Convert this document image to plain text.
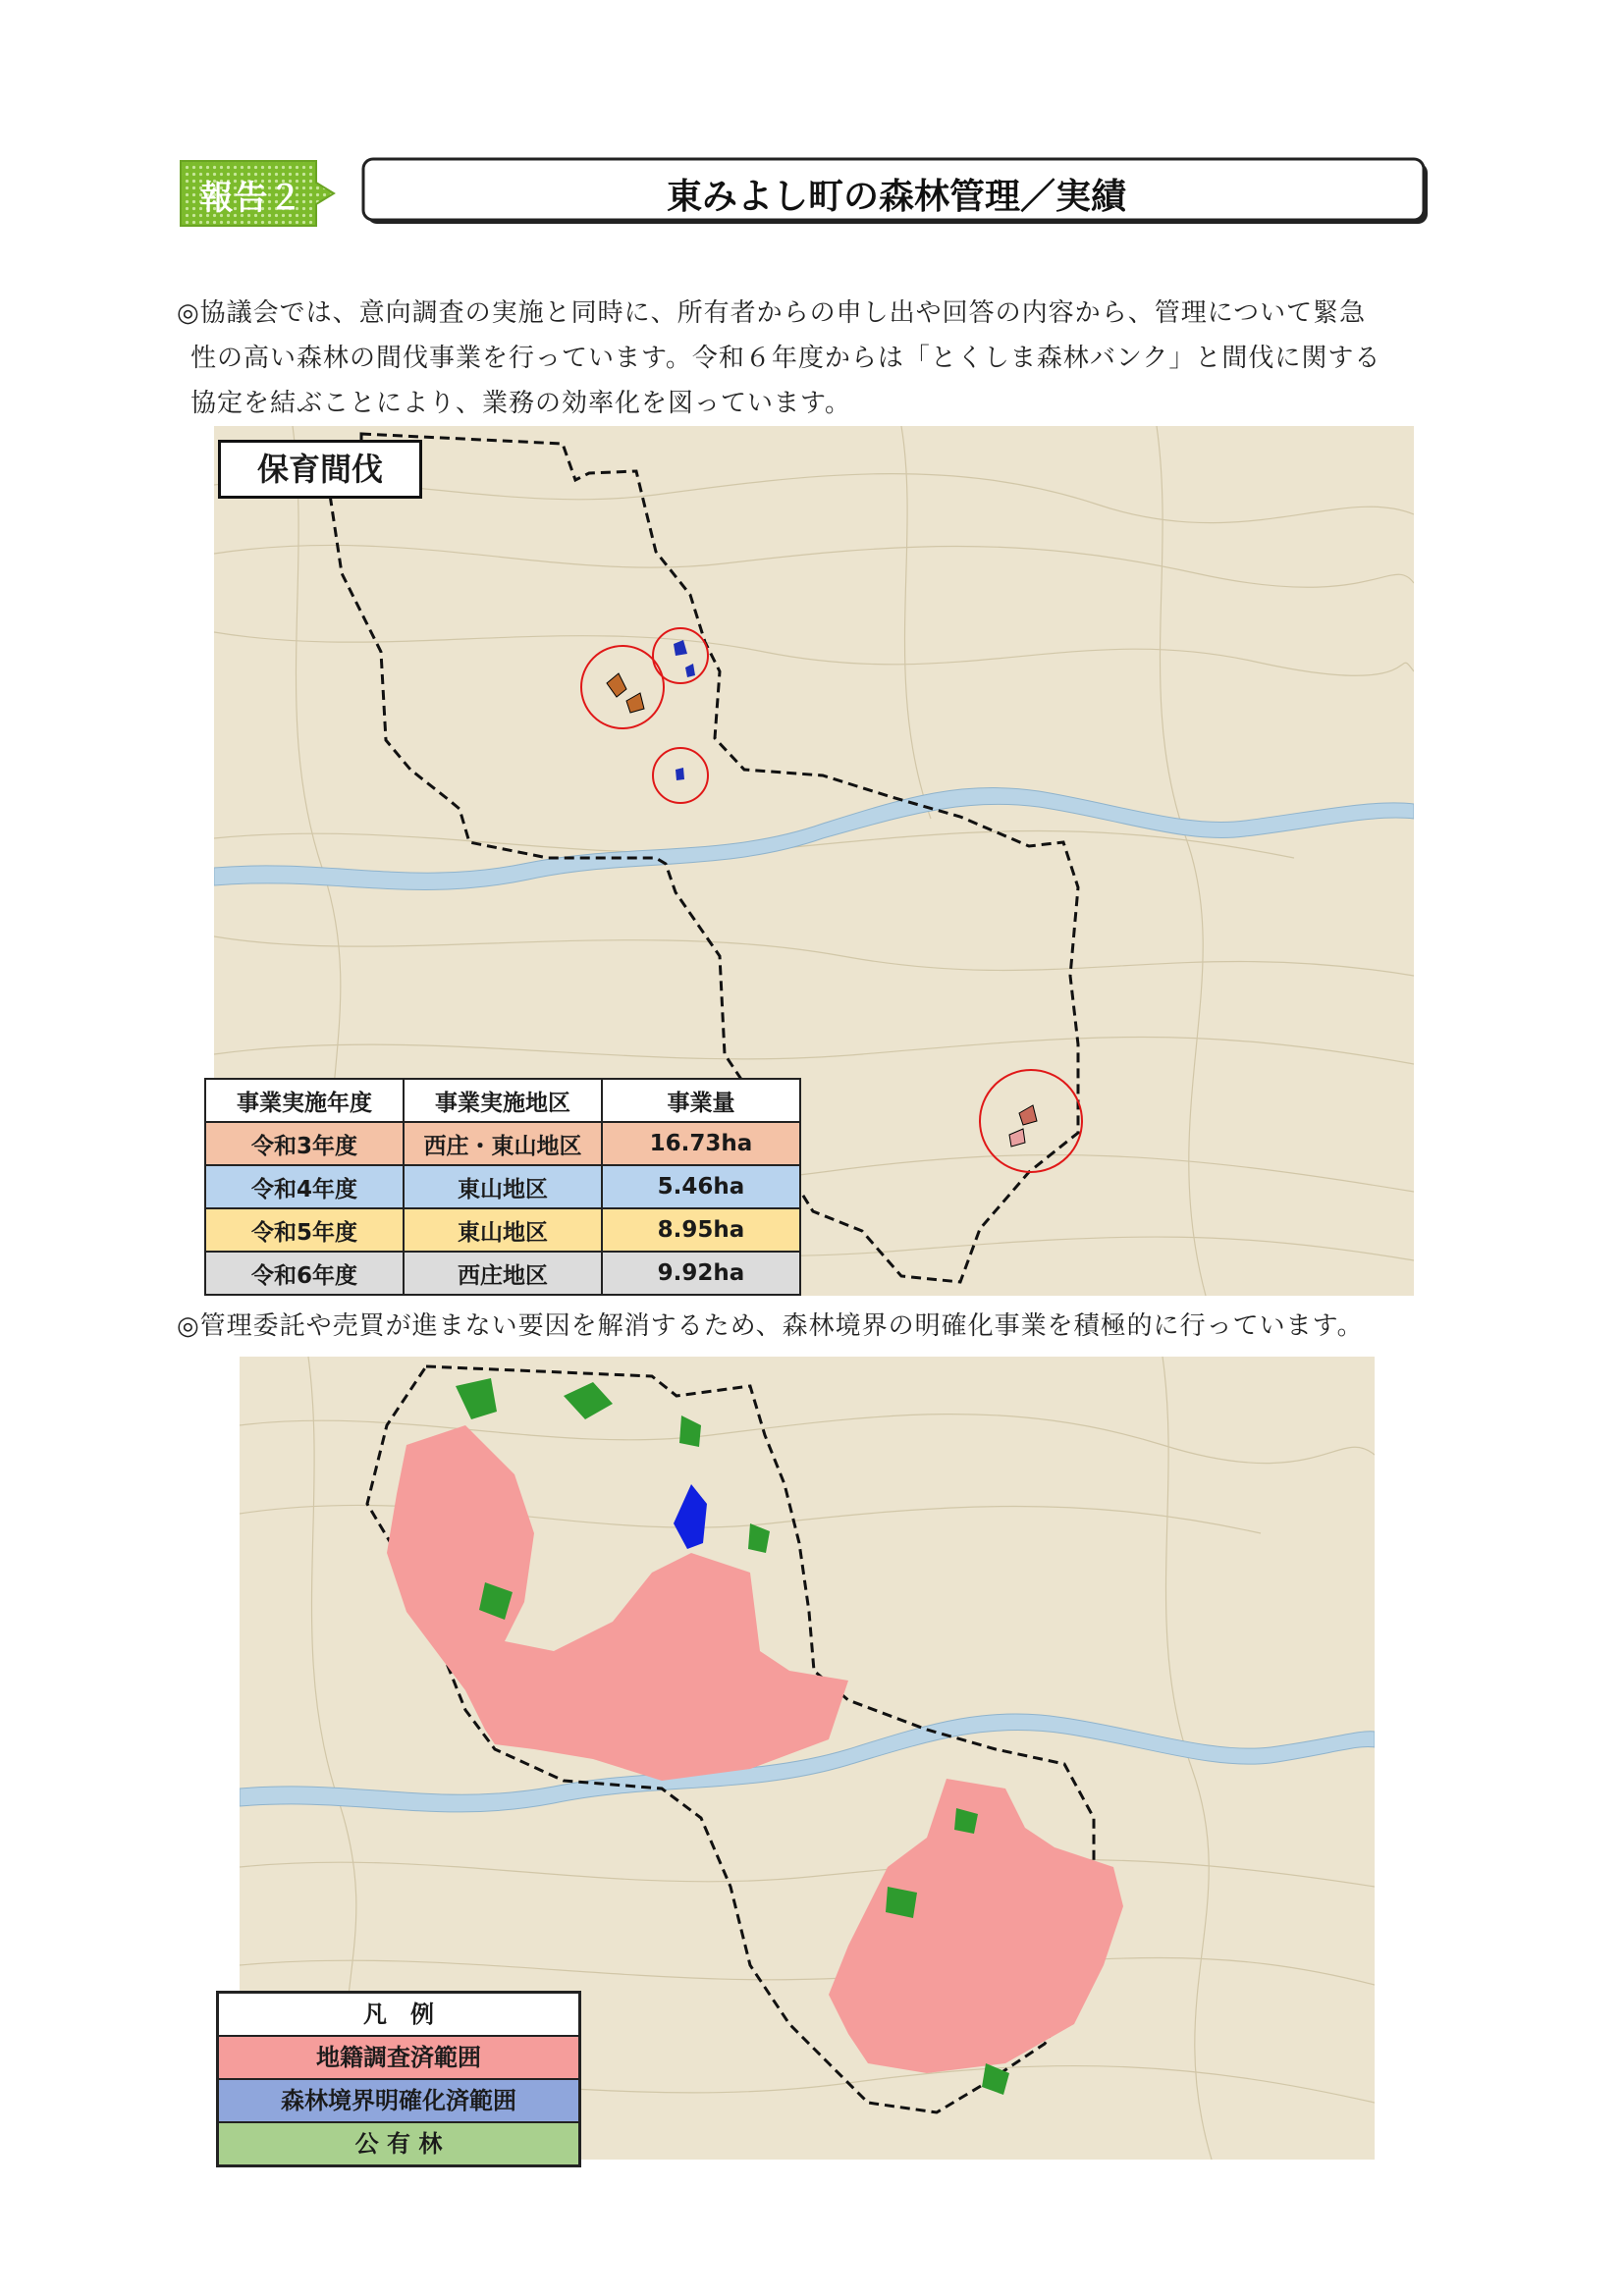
報告２	東みよし町の森林管理／実績
◎協議会では、意向調査の実施と同時に、所有者からの申し出や回答の内容から、管理について緊急
性の高い森林の間伐事業を行っています。令和６年度からは「とくしま森林バンク」と間伐に関する
協定を結ぶことにより、業務の効率化を図っています。
保育間伐
事業実施年度	事業実施地区	事業量
令和3年度	西庄・東山地区	16.73ha
令和4年度	東山地区	5.46ha
令和5年度	東山地区	8.95ha
令和6年度	西庄地区	9.92ha
◎管理委託や売買が進まない要因を解消するため、森林境界の明確化事業を積極的に行っています。
凡　例
地籍調査済範囲
森林境界明確化済範囲
公 有 林
